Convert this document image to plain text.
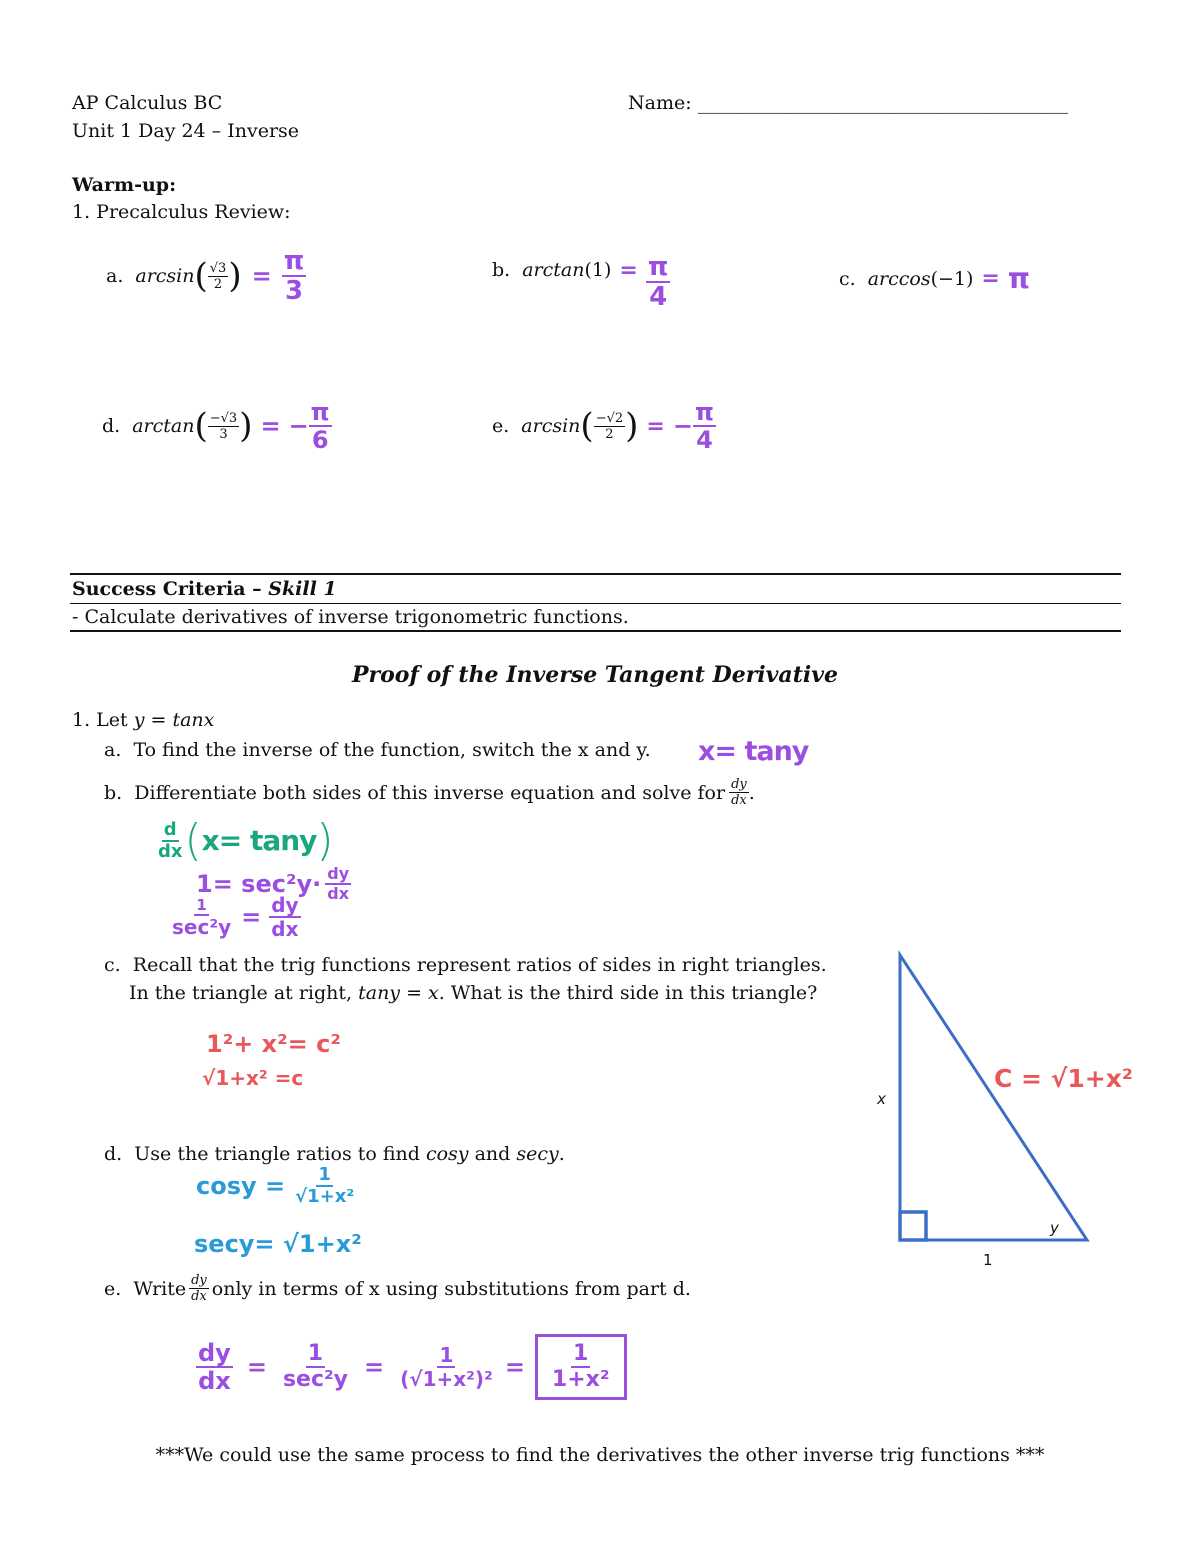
AP Calculus BC
Unit 1 Day 24 – Inverse
Name: _______________________________________
Warm-up:
1. Precalculus Review:
a. arcsin ( $\frac{√3}{2}$ ) = $\frac{\pi}{3}$	b. $\arctan (1) = \frac{\pi}{4}$	c. arccos (−1) = π
d. arctan ( $\frac{-√3}{3}$ ) = − $\frac{\pi}{6}$	e. arcsin ( $\frac{-√2}{2}$ ) = − $\frac{\pi}{4}$
Success Criteria – Skill 1
- Calculate derivatives of inverse trigonometric functions.
Proof of the Inverse Tangent Derivative
1. Let y = tanx
a. To find the inverse of the function, switch the x and y. x= tany
b.
Differentiate both sides of this inverse equation and solve for $\frac{dy}{dx}$ .
$\frac{d}{dx}$ ( x= tany )
$1= \sec^2y\cdot \frac{dy}{dx}$
$\frac{1}{\text{sec²y}} = \frac{dy}{dx}$
c. Recall that the trig functions represent ratios of sides in right triangles.
In the triangle at right, tany = x. What is the third side in this triangle?
1²+ x²= c²
√1+x² =c
d. Use the triangle ratios to find cosy and secy.
$\cos y = \frac{1}{\text{√1+x²}}$
secy= √1+x²
e.
Write $\frac{dy}{dx}$ only in terms of x using substitutions from part d.
$\frac{dy}{dx} = \frac{1}{\text{sec²y}} = \frac{1}{\text{(√1+x²)²}} = \frac{1}{\text{1+x²}}$
***We could use the same process to find the derivatives the other inverse trig functions ***
x
1
y
C = √1+x²
